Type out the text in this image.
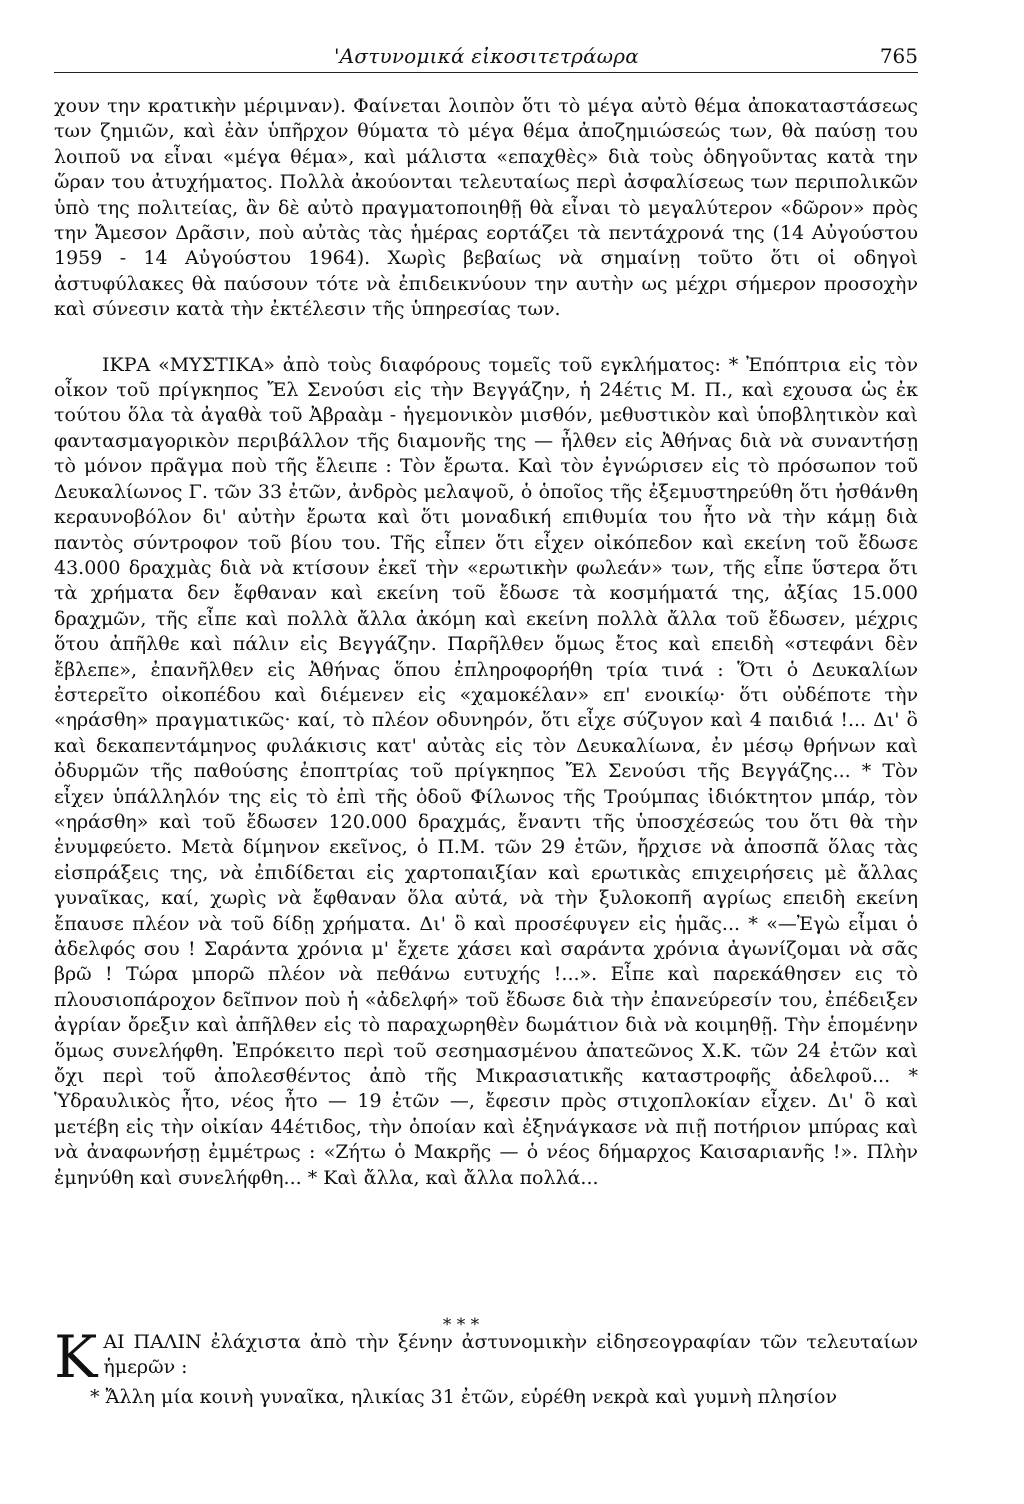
'Αστυνομικά εἰκοσιτετράωρα	765

χουν την κρατικὴν μέριμναν). Φαίνεται λοιπὸν ὅτι τὸ μέγα αὐτὸ θέμα ἀποκαταστάσεως των ζημιῶν, καὶ ἐὰν ὑπῆρχον θύματα τὸ μέγα θέμα ἀποζημιώσεώς των, θὰ παύσῃ του λοιποῦ να εἶναι «μέγα θέμα», καὶ μάλιστα «επαχθὲς» διὰ τοὺς ὁδηγοῦντας κατὰ την ὥραν του ἀτυχήματος. Πολλὰ ἀκούονται τελευταίως περὶ ἀσφαλίσεως των περιπολικῶν ὑπὸ της πολιτείας, ἂν δὲ αὐτὸ πραγματοποιηθῇ θὰ εἶναι τὸ μεγαλύτερον «δῶρον» πρὸς την Ἄμεσον Δρᾶσιν, ποὺ αὐτὰς τὰς ἡμέρας εορτάζει τὰ πεντάχρονά της (14 Αὐγούστου 1959 - 14 Αὐγούστου 1964). Χωρὶς βεβαίως νὰ σημαίνῃ τοῦτο ὅτι οἱ οδηγοὶ ἀστυφύλακες θὰ παύσουν τότε νὰ ἐπιδεικνύουν την αυτὴν ως μέχρι σήμερον προσοχὴν καὶ σύνεσιν κατὰ τὴν ἐκτέλεσιν τῆς ὑπηρεσίας των.

ΙΚΡΑ «ΜΥΣΤΙΚΑ» ἀπὸ τοὺς διαφόρους τομεῖς τοῦ εγκλήματος: * Ἐπόπτρια εἰς τὸν οἶκον τοῦ πρίγκηπος Ἔλ Σενούσι εἰς τὴν Βεγγάζην, ἡ 24έτις Μ. Π., καὶ εχουσα ὡς ἐκ τούτου ὅλα τὰ ἀγαθὰ τοῦ Ἀβραὰμ - ἡγεμονικὸν μισθόν, μεθυστικὸν καὶ ὑποβλητικὸν καὶ φαντασμαγορικὸν περιβάλλον τῆς διαμονῆς της — ἦλθεν εἰς Ἀθήνας διὰ νὰ συναντήσῃ τὸ μόνον πρᾶγμα ποὺ τῆς ἔλειπε : Τὸν ἔρωτα. Καὶ τὸν ἐγνώρισεν εἰς τὸ πρόσωπον τοῦ Δευκαλίωνος Γ. τῶν 33 ἐτῶν, ἀνδρὸς μελαψοῦ, ὁ ὁποῖος τῆς ἐξεμυστηρεύθη ὅτι ἠσθάνθη κεραυνοβόλον δι' αὐτὴν ἔρωτα καὶ ὅτι μοναδική επιθυμία του ἦτο νὰ τὴν κάμῃ διὰ παντὸς σύντροφον τοῦ βίου του. Τῆς εἶπεν ὅτι εἶχεν οἰκόπεδον καὶ εκείνη τοῦ ἔδωσε 43.000 δραχμὰς διὰ νὰ κτίσουν ἐκεῖ τὴν «ερωτικὴν φωλεάν» των, τῆς εἶπε ὕστερα ὅτι τὰ χρήματα δεν ἔφθαναν καὶ εκείνη τοῦ ἔδωσε τὰ κοσμήματά της, ἀξίας 15.000 δραχμῶν, τῆς εἶπε καὶ πολλὰ ἄλλα ἀκόμη καὶ εκείνη πολλὰ ἄλλα τοῦ ἔδωσεν, μέχρις ὅτου ἀπῆλθε καὶ πάλιν εἰς Βεγγάζην. Παρῆλθεν ὅμως ἔτος καὶ επειδὴ «στεφάνι δὲν ἔβλεπε», ἐπανῆλθεν εἰς Ἀθήνας ὅπου ἐπληροφορήθη τρία τινά : Ὅτι ὁ Δευκαλίων ἐστερεῖτο οἰκοπέδου καὶ διέμενεν εἰς «χαμοκέλαν» επ' ενοικίῳ· ὅτι οὐδέποτε τὴν «ηράσθη» πραγματικῶς· καί, τὸ πλέον οδυνηρόν, ὅτι εἶχε σύζυγον καὶ 4 παιδιά !... Δι' ὃ καὶ δεκαπεντάμηνος φυλάκισις κατ' αὐτὰς εἰς τὸν Δευκαλίωνα, ἐν μέσῳ θρήνων καὶ ὀδυρμῶν τῆς παθούσης ἐποπτρίας τοῦ πρίγκηπος Ἔλ Σενούσι τῆς Βεγγάζης... * Τὸν εἶχεν ὑπάλληλόν της εἰς τὸ ἐπὶ τῆς ὁδοῦ Φίλωνος τῆς Τρούμπας ἰδιόκτητον μπάρ, τὸν «ηράσθη» καὶ τοῦ ἔδωσεν 120.000 δραχμάς, ἔναντι τῆς ὑποσχέσεώς του ὅτι θὰ τὴν ἐνυμφεύετο. Μετὰ δίμηνον εκεῖνος, ὁ Π.Μ. τῶν 29 ἐτῶν, ἤρχισε νὰ ἀποσπᾶ ὅλας τὰς εἰσπράξεις της, νὰ ἐπιδίδεται εἰς χαρτοπαιξίαν καὶ ερωτικὰς επιχειρήσεις μὲ ἄλλας γυναῖκας, καί, χωρὶς νὰ ἔφθαναν ὅλα αὐτά, νὰ τὴν ξυλοκοπῆ αγρίως επειδὴ εκείνη ἔπαυσε πλέον νὰ τοῦ δίδῃ χρήματα. Δι' ὃ καὶ προσέφυγεν εἰς ἡμᾶς... * «—Ἐγὼ εἶμαι ὁ ἀδελφός σου ! Σαράντα χρόνια μ' ἔχετε χάσει καὶ σαράντα χρόνια ἀγωνίζομαι νὰ σᾶς βρῶ ! Τώρα μπορῶ πλέον νὰ πεθάνω ευτυχής !...». Εἶπε καὶ παρεκάθησεν εις τὸ πλουσιοπάροχον δεῖπνον ποὺ ἡ «ἀδελφή» τοῦ ἔδωσε διὰ τὴν ἐπανεύρεσίν του, ἐπέδειξεν ἀγρίαν ὄρεξιν καὶ ἀπῆλθεν εἰς τὸ παραχωρηθὲν δωμάτιον διὰ νὰ κοιμηθῇ. Τὴν ἑπομένην ὅμως συνελήφθη. Ἐπρόκειτο περὶ τοῦ σεσημασμένου ἀπατεῶνος Χ.Κ. τῶν 24 ἐτῶν καὶ ὄχι περὶ τοῦ ἀπολεσθέντος ἀπὸ τῆς Μικρασιατικῆς καταστροφῆς ἀδελφοῦ... * Ὑδραυλικὸς ἦτο, νέος ἦτο — 19 ἐτῶν —, ἔφεσιν πρὸς στιχοπλοκίαν εἶχεν. Δι' ὃ καὶ μετέβη εἰς τὴν οἰκίαν 44έτιδος, τὴν ὁποίαν καὶ ἐξηνάγκασε νὰ πιῇ ποτήριον μπύρας καὶ νὰ ἀναφωνήσῃ ἐμμέτρως : «Ζήτω ὁ Μακρῆς — ὁ νέος δήμαρχος Καισαριανῆς !». Πλὴν ἐμηνύθη καὶ συνελήφθη... * Καὶ ἄλλα, καὶ ἄλλα πολλά...

* * *
Κ ΑΙ ΠΑΛΙΝ ἐλάχιστα ἀπὸ τὴν ξένην ἀστυνομικὴν εἰδησεογραφίαν τῶν τελευταίων ἡμερῶν :
* Ἄλλη μία κοινὴ γυναῖκα, ηλικίας 31 ἐτῶν, εὑρέθη νεκρὰ καὶ γυμνὴ πλησίον
